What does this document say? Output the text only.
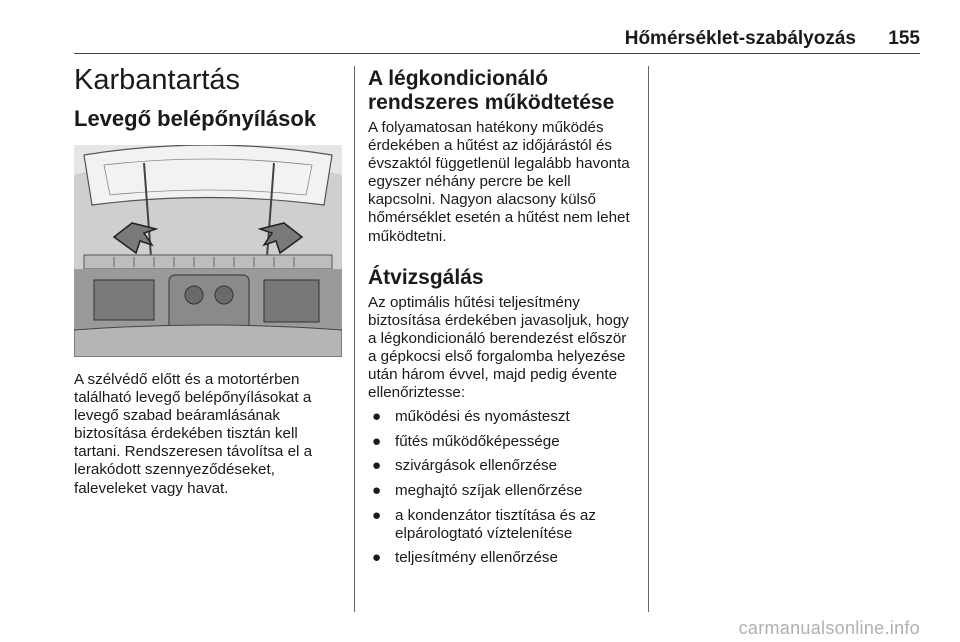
Hőmérséklet-szabályozás	155
Karbantartás
Levegő belépőnyílások

A szélvédő előtt és a motortérben található levegő belépőnyílásokat a levegő szabad beáramlásának biztosítása érdekében tisztán kell tartani. Rendszeresen távolítsa el a lerakódott szennyeződéseket, faleveleket vagy havat.

A légkondicionáló rendszeres működtetése

A folyamatosan hatékony működés érdekében a hűtést az időjárástól és évszaktól függetlenül legalább havonta egyszer néhány percre be kell kapcsolni. Nagyon alacsony külső hőmérséklet esetén a hűtést nem lehet működtetni.

Átvizsgálás

Az optimális hűtési teljesítmény biztosítása érdekében javasoljuk, hogy a légkondicionáló berendezést először a gépkocsi első forgalomba helyezése után három évvel, majd pedig évente ellenőriztesse:

● működési és nyomásteszt
● fűtés működőképessége
● szivárgások ellenőrzése
● meghajtó szíjak ellenőrzése
● a kondenzátor tisztítása és az elpárologtató víztelenítése
● teljesítmény ellenőrzése
carmanualsonline.info
